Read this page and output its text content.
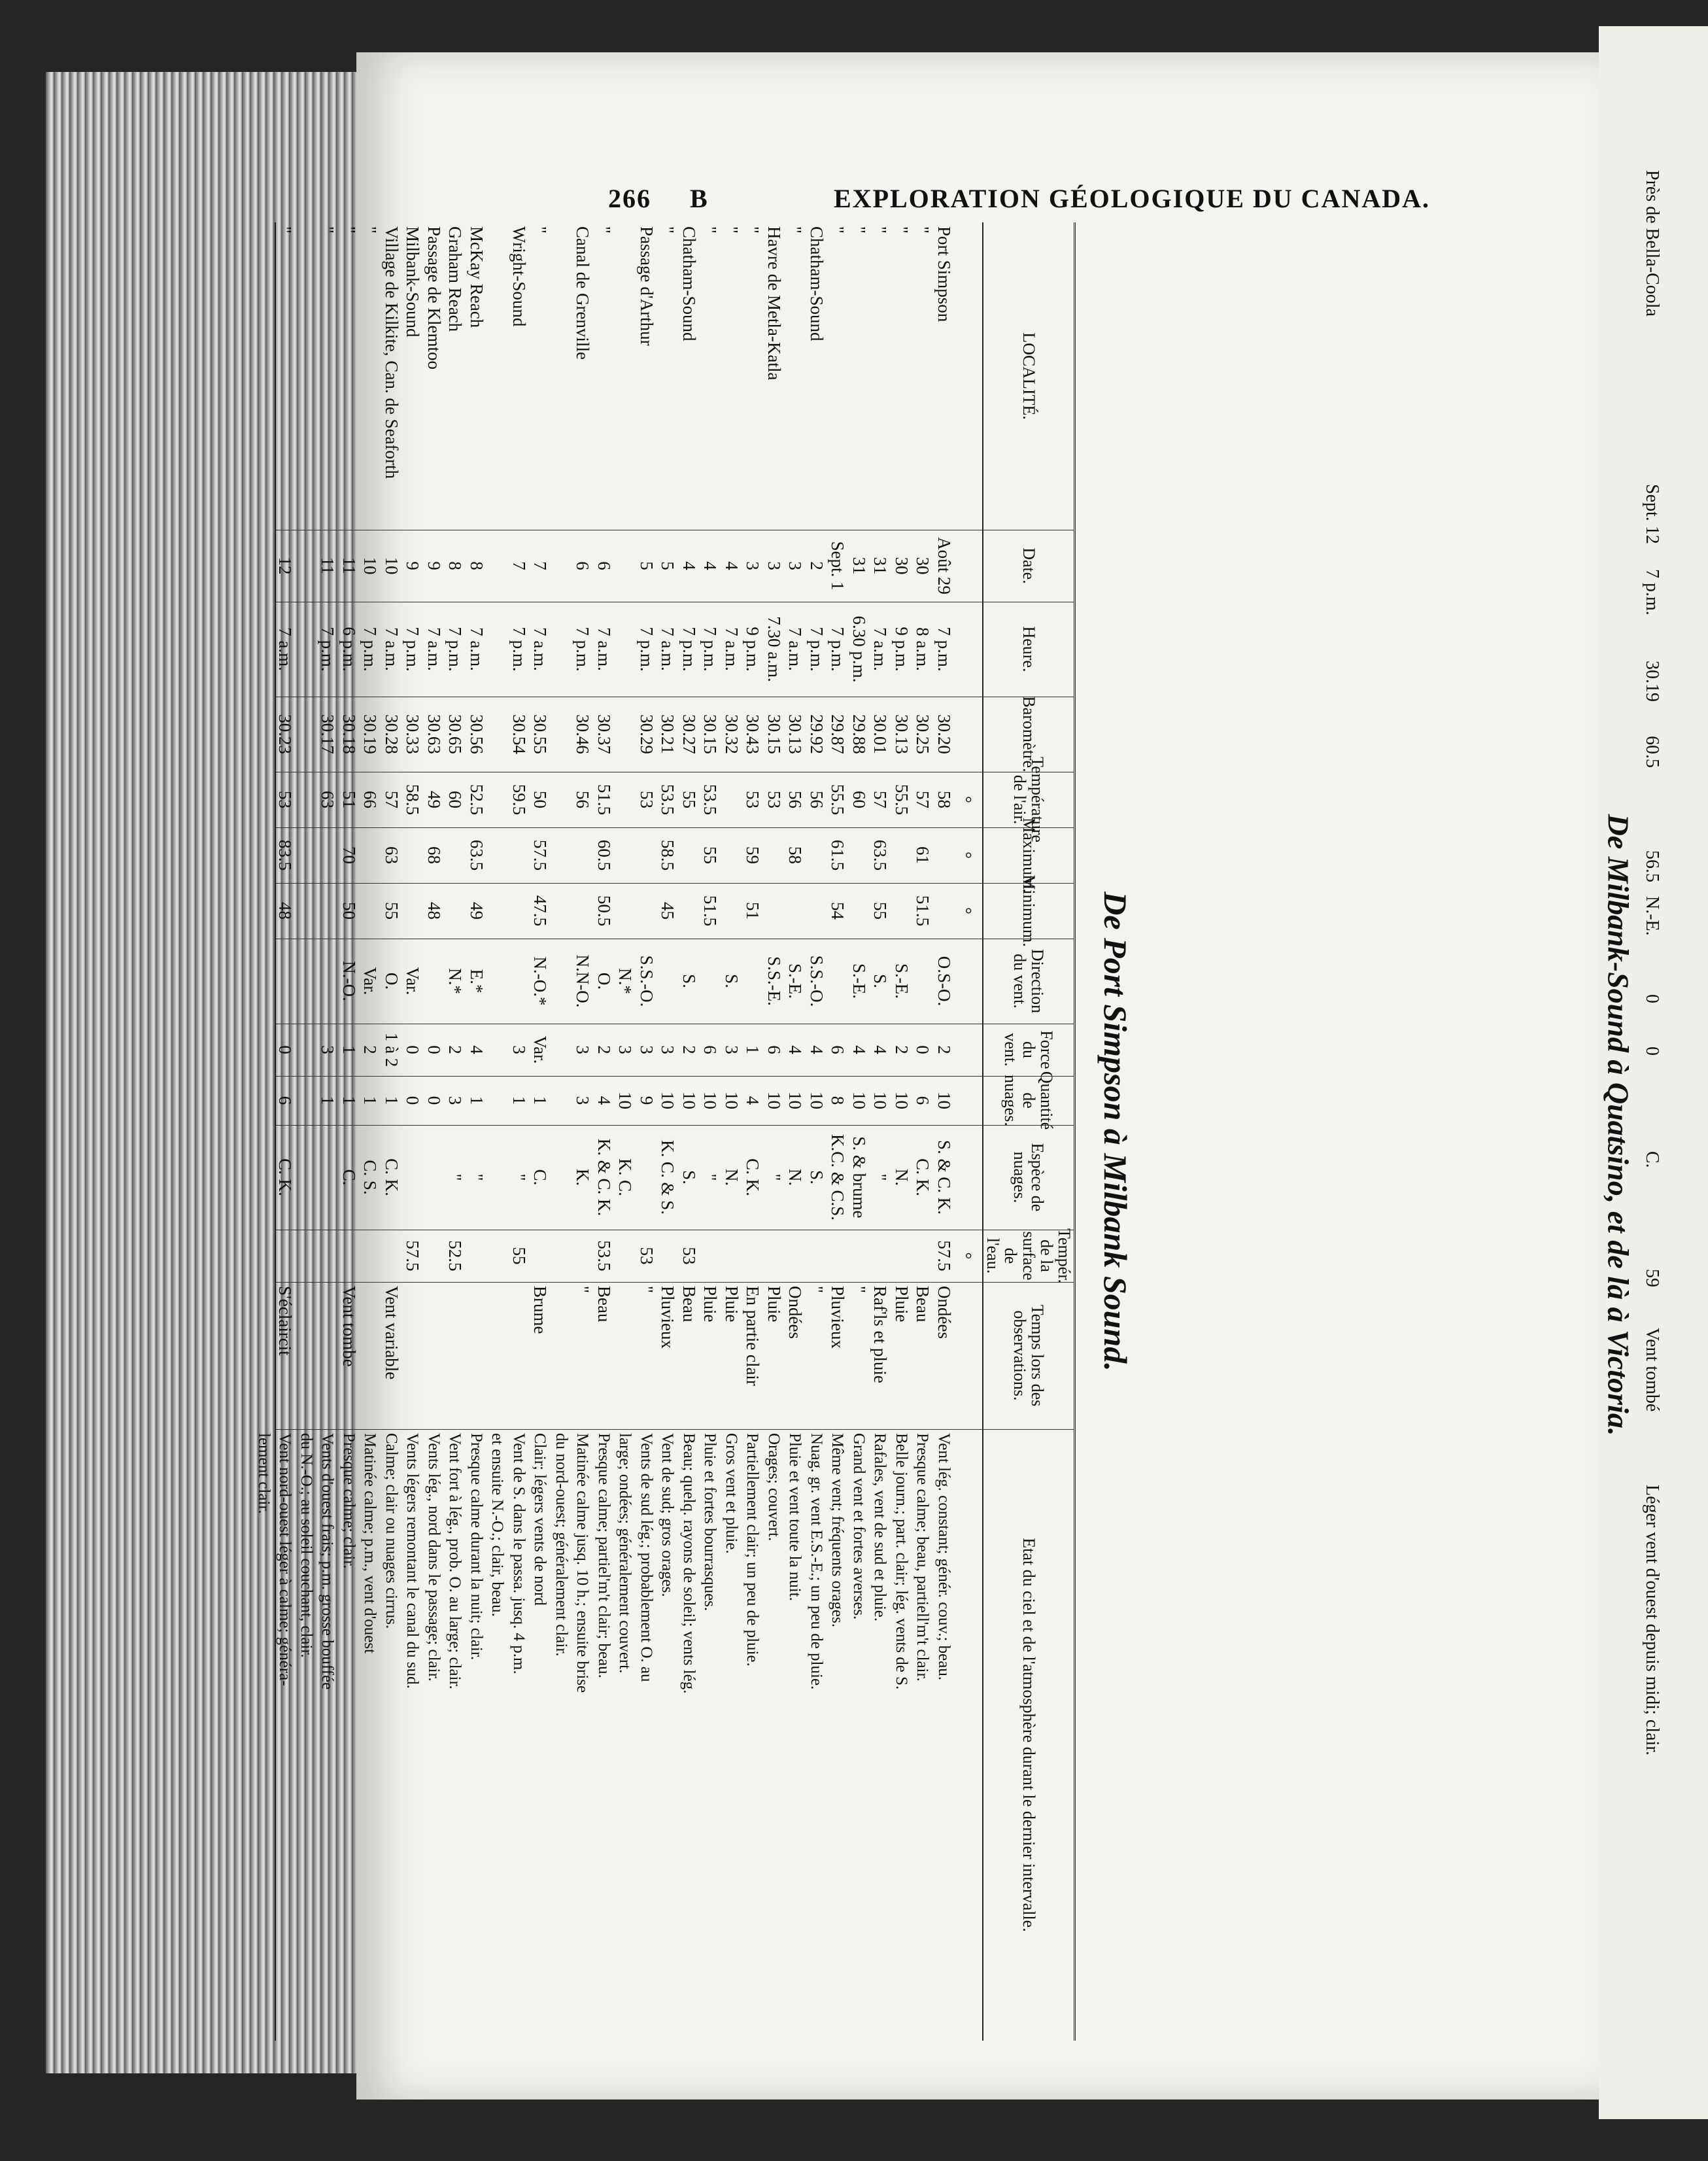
266 B	EXPLORATION GÉOLOGIQUE DU CANADA.
De Port Simpson à Milbank Sound.
LOCALITÉ.
Port Simpson
"
"
"
"
"
Chatham-Sound
"
Havre de Metla-Katla
"
"
"
Chatham-Sound
"
Passage d'Arthur
"
Canal de Grenville
"
Wright-Sound
McKay Reach
Graham Reach
Passage de Klemtoo
Milbank-Sound
Village de Kilkite, Can. de Seaforth
"
"
"
"
Date.
Août 29
30
30
31
31
Sept. 1
2
3
3
3
4
4
4
5
5
6
6
7
7
8
8
9
9
10
10
11
11
12
Heure.
7 p.m.
8 a.m.
9 p.m.
7 a.m.
6.30 p.m.
7 p.m.
7 p.m.
7 a.m.
7.30 a.m.
9 p.m.
7 a.m.
7 p.m.
7 p.m.
7 a.m.
7 p.m.
7 a.m.
7 p.m.
7 a.m.
7 p.m.
7 a.m.
7 p.m.
7 a.m.
7 p.m.
7 a.m.
7 p.m.
6 p.m.
7 p.m.
7 a.m.
Baromètre.
30.20
30.25
30.13
30.01
29.88
29.87
29.92
30.13
30.15
30.43
30.32
30.15
30.27
30.21
30.29
30.37
30.46
30.55
30.54
30.56
30.65
30.63
30.33
30.28
30.19
30.18
30.17
30.23
Température de l'air.
°
58
57
55.5
57
60
55.5
56
56
53
53
53.5
55
53.5
53
51.5
56
50
59.5
52.5
60
49
58.5
57
66
51
63
53
Maximum.
°
61
63.5
61.5
58
59
55
58.5
60.5
57.5
63.5
68
63
70
83.5
Minimum.
°
51.5
55
54
51
51.5
45
50.5
47.5
49
48
55
50
48
Direction du vent.
O.S-O.
S.-E.
S.
S.-E.
S.S.-O.
S.-E.
S.S.-E.
S.
S.
S.S.-O.
N.*
O.
N.N-O.
N.-O.*
E.*
N.*
Var.
O.
Var.
N.-O.
Force du vent.
2
0
2
4
4
6
4
4
6
1
3
6
2
3
3
3
2
3
Var.
3
4
2
0
0
1 à 2
2
1
3
0
Quantité de nuages.
10
6
10
10
10
8
10
10
10
4
10
10
10
10
9
10
4
3
1
1
1
3
0
0
1
1
1
1
6
Espèce de nuages.
S. & C. K.
C. K.
N.
"
S. & brume
K.C. & C.S.
S.
N.
"
C. K.
N.
"
S.
K. C. & S.
K. C.
K. & C. K.
K.
C.
"
"
"
C. K.
C. S.
C.
C. K.
Tempér. de la surface de l'eau.
°
57.5
53
53
53.5
55
52.5
57.5
Temps lors des observations.
Ondées
Beau
Pluie
Raf'ls et pluie
"
Pluvieux
"
Ondées
Pluie
En partie clair
Pluie
Pluie
Beau
Pluvieux
"
Beau
"
Brume
Vent variable
Vent tombe
S'éclaircit
Etat du ciel et de l'atmosphère durant le dernier intervalle.
Vent lég. constant; génér. couv.; beau.
Presque calme; beau, partiell'm't clair.
Belle journ.; part. clair; lég. vents de S.
Rafales, vent de sud et pluie.
Grand vent et fortes averses.
Même vent; fréquents orages.
Nuag. gr. vent E.S.-E.; un peu de pluie.
Pluie et vent toute la nuit.
Orages; couvert.
Partiellement clair; un peu de pluie.
Gros vent et pluie.
Pluie et fortes bourrasques.
Beau; quelq. rayons de soleil; vents lég.
Vent de sud; gros orages.
Vents de sud lég.; probablement O. au
large; ondées; généralement couvert.
Presque calme; partiel'm't clair; beau.
Matinée calme jusq. 10 h.; ensuite brise
du nord-ouest; généralement clair.
Clair; légers vents de nord
Vent de S. dans le passa. jusq. 4 p.m.
et ensuite N.-O.; clair, beau.
Presque calme durant la nuit; clair.
Vent fort à lég., prob. O. au large; clair.
Vents lég., nord dans le passage; clair.
Vents légers remontant le canal du sud.
Calme; clair ou nuages cirrus.
Matinée calme; p.m., vent d'ouest
Presque calme; clair.
Vents d'ouest frais; p.m. grosse bouffée
du N.-O.; au soleil couchant, clair.
Vent nord-ouest léger à calme; généra-
lement clair.
De Milbank-Sound à Quatsino, et de là à Victoria.
Près de Bella-Coola
Sept. 12
7 p.m.
30.19
60.5
56.5
N.-E.
0
0
C.
59
Vent tombé
Léger vent d'ouest depuis midi; clair.
